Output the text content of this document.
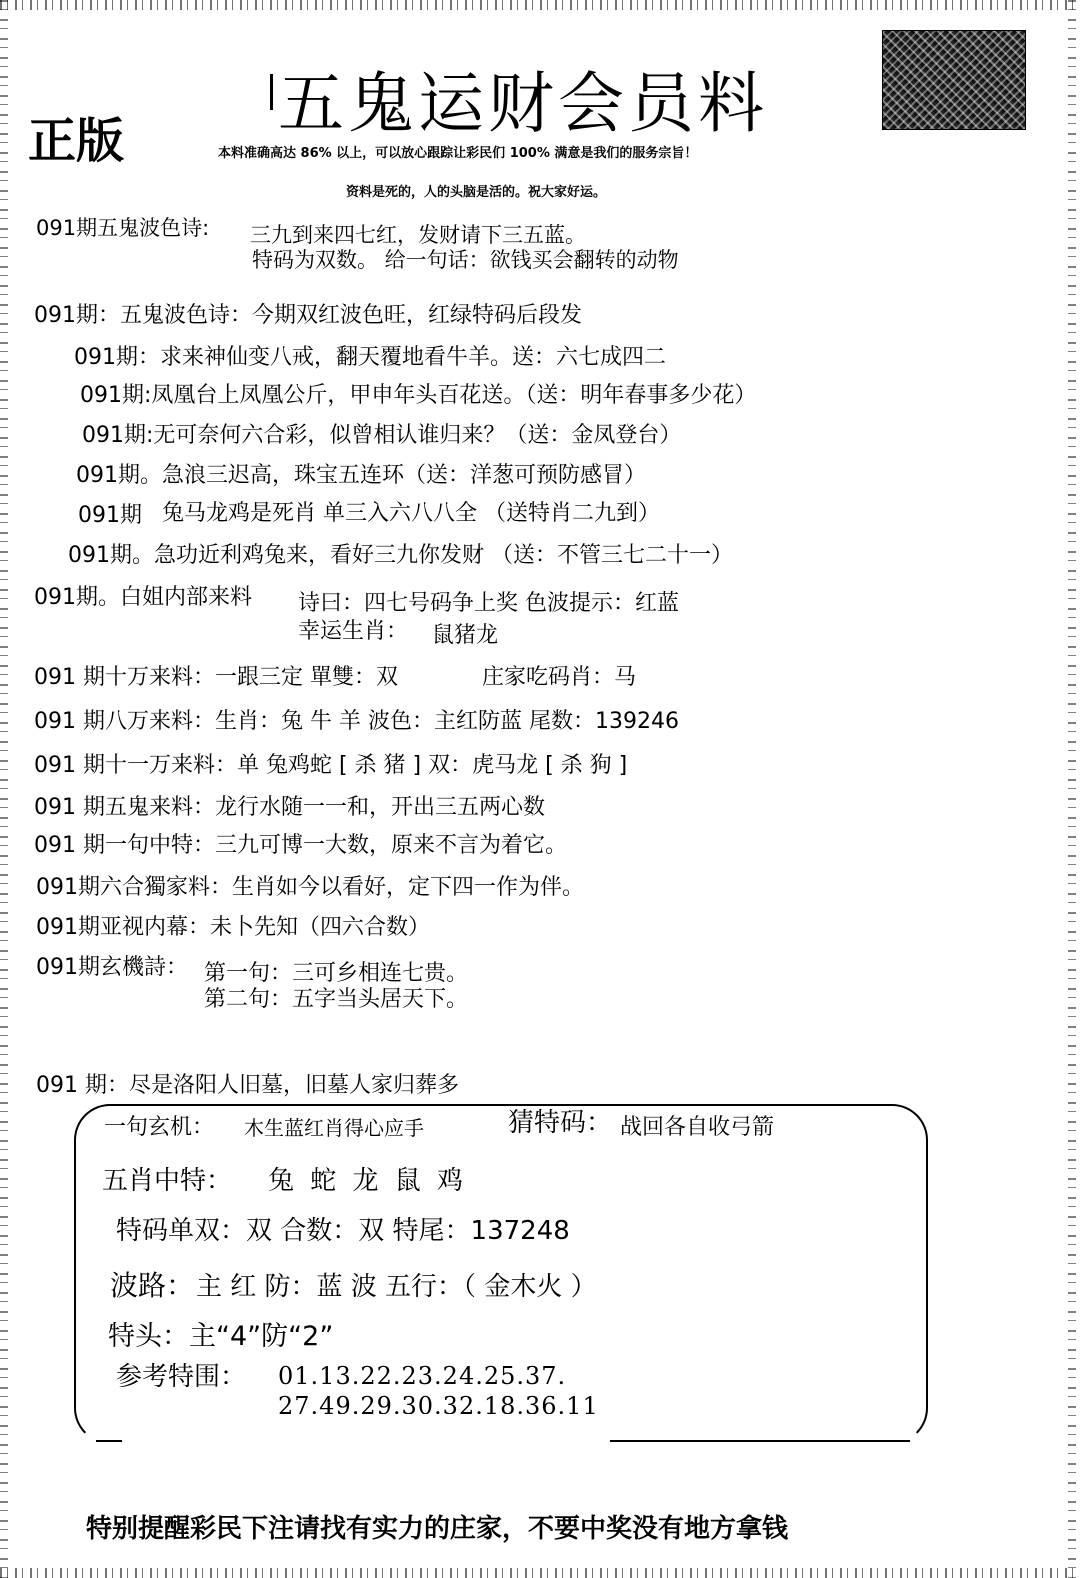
正版 五鬼运财会员料
本料准确高达 86% 以上，可以放心跟踪让彩民们 100% 满意是我们的服务宗旨！
资料是死的，人的头脑是活的。祝大家好运。
091期五鬼波色诗: 三九到来四七红，发财请下三五蓝。
特码为双数。 给一句话：欲钱买会翻转的动物
091期：五鬼波色诗：今期双红波色旺，红绿特码后段发
091期：求来神仙变八戒，翻天覆地看牛羊。送：六七成四二
091期:凤凰台上凤凰公斤，甲申年头百花送。（送：明年春事多少花）
091期:无可奈何六合彩，似曾相认谁归来？（送：金凤登台）
091期。急浪三迟高，珠宝五连环（送：洋葱可预防感冒）
091期 兔马龙鸡是死肖 单三入六八八全 （送特肖二九到）
091期。急功近利鸡兔来，看好三九你发财 （送：不管三七二十一）
091期。白姐内部来料 诗曰：四七号码争上奖 色波提示：红蓝
幸运生肖： 鼠猪龙
091 期十万来料：一跟三定 單雙：双	庄家吃码肖：马
091 期八万来料：生肖：兔 牛 羊 波色：主红防蓝 尾数：139246
091 期十一万来料：单 兔鸡蛇 [ 杀 猪 ] 双：虎马龙 [ 杀 狗 ]
091 期五鬼来料：龙行水随一一和，开出三五两心数
091 期一句中特：三九可博一大数，原来不言为着它。
091期六合獨家料：生肖如今以看好，定下四一作为伴。
091期亚视内幕：未卜先知（四六合数）
091期玄機詩： 第一句：三可乡相连七贵。
第二句：五字当头居天下。
091 期：尽是洛阳人旧墓，旧墓人家归葬多
一句玄机： 木生蓝红肖得心应手	猜特码： 战回各自收弓箭
五肖中特： 兔 蛇 龙 鼠 鸡
特码单双：双 合数：双 特尾：137248
波路： 主 红 防：蓝 波 五行：（ 金木火 ）
特头：主“4”防“2”
参考特围： 01.13.22.23.24.25.37.
27.49.29.30.32.18.36.11
特别提醒彩民下注请找有实力的庄家，不要中奖没有地方拿钱
